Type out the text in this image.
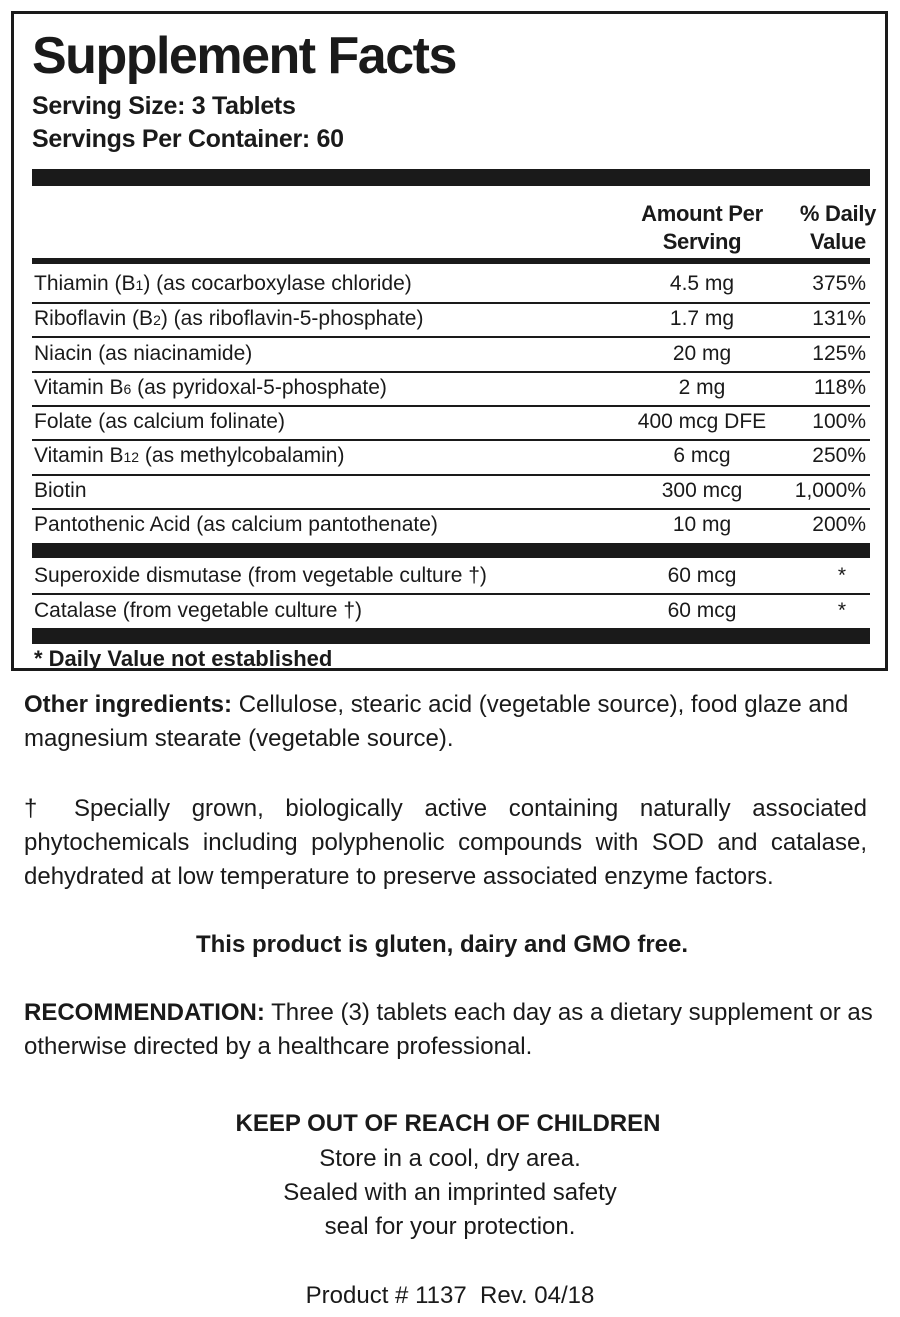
Supplement Facts
Serving Size: 3 Tablets
Servings Per Container: 60
Amount Per
Serving
% Daily
Value
Thiamin (B1) (as cocarboxylase chloride)	4.5 mg	375%
Riboflavin (B2) (as riboflavin-5-phosphate)	1.7 mg	131%
Niacin (as niacinamide)	20 mg	125%
Vitamin B6 (as pyridoxal-5-phosphate)	2 mg	118%
Folate (as calcium folinate)	400 mcg DFE	100%
Vitamin B12 (as methylcobalamin)	6 mcg	250%
Biotin	300 mcg	1,000%
Pantothenic Acid (as calcium pantothenate)	10 mg	200%
Superoxide dismutase (from vegetable culture †)	60 mcg	*
Catalase (from vegetable culture †)	60 mcg	*
* Daily Value not established
Other ingredients: Cellulose, stearic acid (vegetable source), food glaze and magnesium stearate (vegetable source).
† Specially grown, biologically active containing naturally associated phytochemicals including polyphenolic compounds with SOD and catalase, dehydrated at low temperature to preserve associated enzyme factors.
This product is gluten, dairy and GMO free.
RECOMMENDATION: Three (3) tablets each day as a dietary supplement or as otherwise directed by a healthcare professional.
KEEP OUT OF REACH OF CHILDREN
Store in a cool, dry area.
Sealed with an imprinted safety
seal for your protection.
Product # 1137  Rev. 04/18
